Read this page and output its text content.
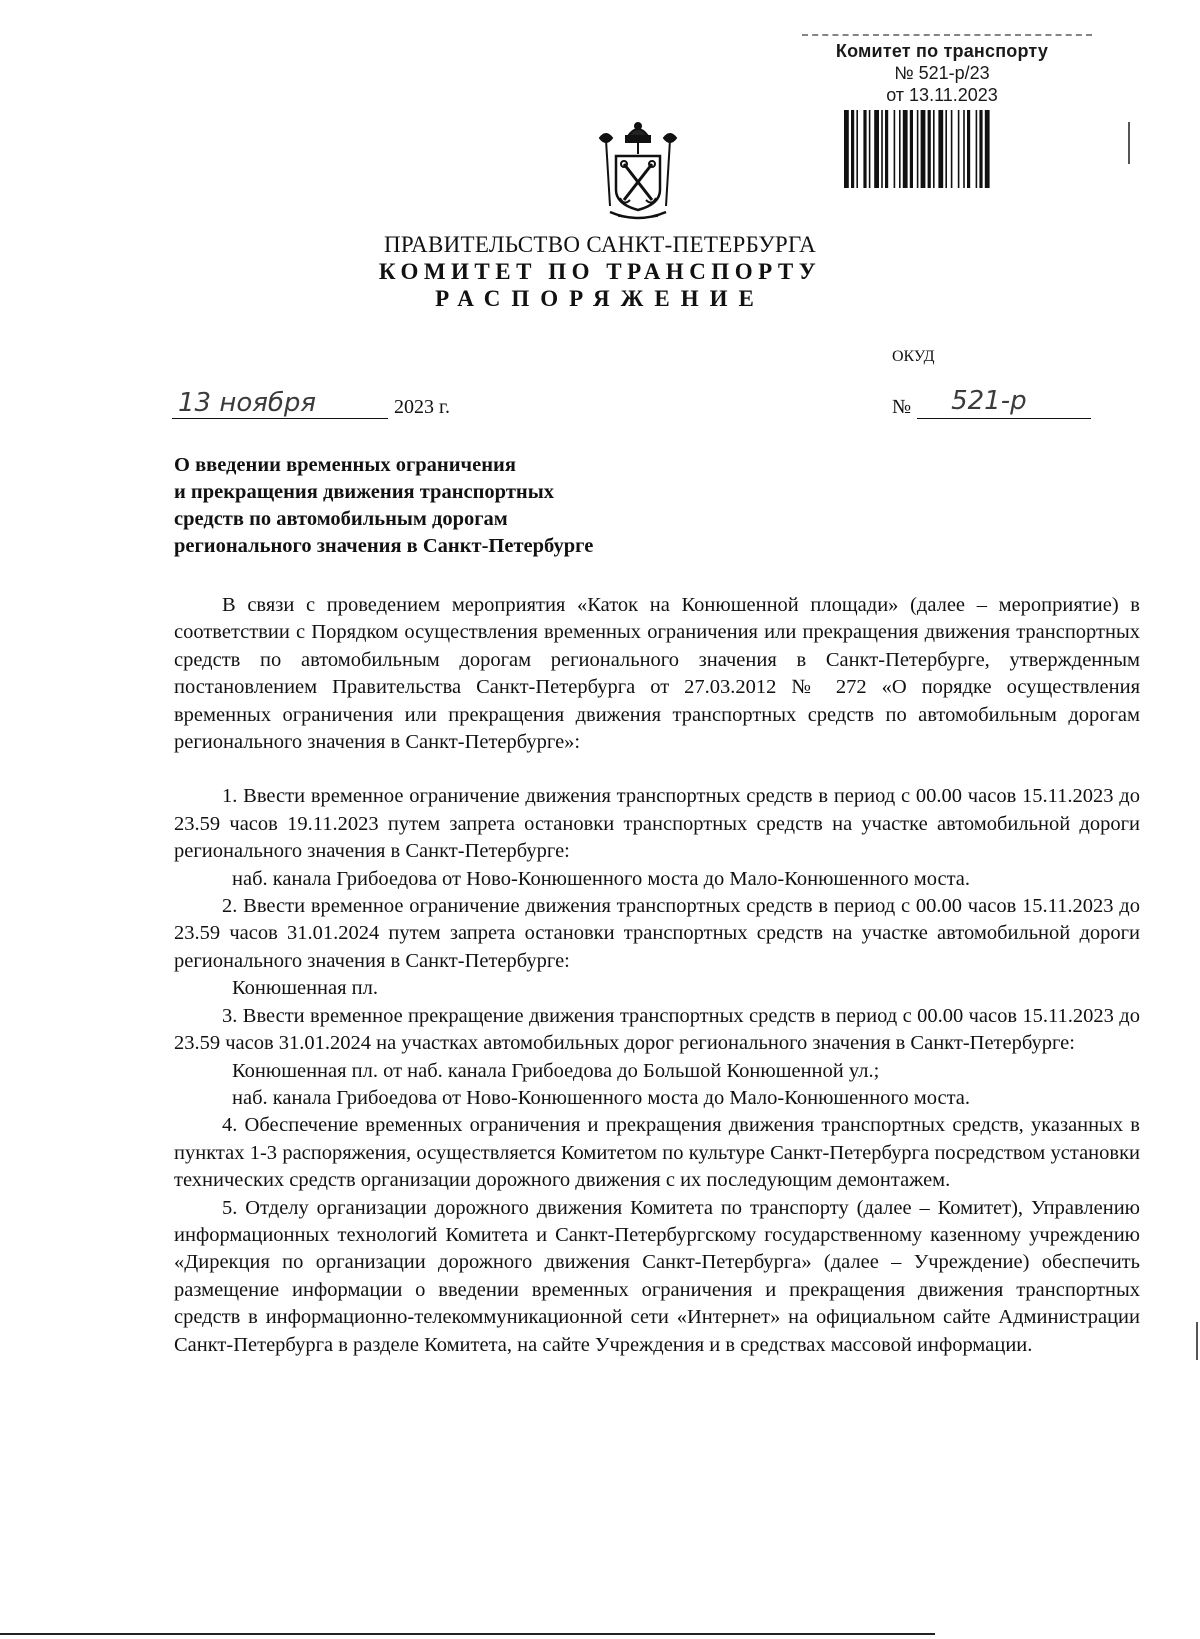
Комитет по транспорту
№ 521-р/23
от 13.11.2023
ПРАВИТЕЛЬСТВО САНКТ-ПЕТЕРБУРГА
КОМИТЕТ ПО ТРАНСПОРТУ
РАСПОРЯЖЕНИЕ
ОКУД
13 ноября	2023 г.	№ 521-р
О введении временных ограничения
и прекращения движения транспортных
средств по автомобильным дорогам
регионального значения в Санкт-Петербурге

В связи с проведением мероприятия «Каток на Конюшенной площади» (далее – мероприятие) в соответствии с Порядком осуществления временных ограничения или прекращения движения транспортных средств по автомобильным дорогам регионального значения в Санкт-Петербурге, утвержденным постановлением Правительства Санкт-Петербурга от 27.03.2012 № 272 «О порядке осуществления временных ограничения или прекращения движения транспортных средств по автомобильным дорогам регионального значения в Санкт-Петербурге»:

1. Ввести временное ограничение движения транспортных средств в период с 00.00 часов 15.11.2023 до 23.59 часов 19.11.2023 путем запрета остановки транспортных средств на участке автомобильной дороги регионального значения в Санкт-Петербурге:

наб. канала Грибоедова от Ново-Конюшенного моста до Мало-Конюшенного моста.

2. Ввести временное ограничение движения транспортных средств в период с 00.00 часов 15.11.2023 до 23.59 часов 31.01.2024 путем запрета остановки транспортных средств на участке автомобильной дороги регионального значения в Санкт-Петербурге:

Конюшенная пл.

3. Ввести временное прекращение движения транспортных средств в период с 00.00 часов 15.11.2023 до 23.59 часов 31.01.2024 на участках автомобильных дорог регионального значения в Санкт-Петербурге:

Конюшенная пл. от наб. канала Грибоедова до Большой Конюшенной ул.;

наб. канала Грибоедова от Ново-Конюшенного моста до Мало-Конюшенного моста.

4. Обеспечение временных ограничения и прекращения движения транспортных средств, указанных в пунктах 1-3 распоряжения, осуществляется Комитетом по культуре Санкт-Петербурга посредством установки технических средств организации дорожного движения с их последующим демонтажем.

5. Отделу организации дорожного движения Комитета по транспорту (далее – Комитет), Управлению информационных технологий Комитета и Санкт-Петербургскому государственному казенному учреждению «Дирекция по организации дорожного движения Санкт-Петербурга» (далее – Учреждение) обеспечить размещение информации о введении временных ограничения и прекращения движения транспортных средств в информационно-телекоммуникационной сети «Интернет» на официальном сайте Администрации Санкт-Петербурга в разделе Комитета, на сайте Учреждения и в средствах массовой информации.
